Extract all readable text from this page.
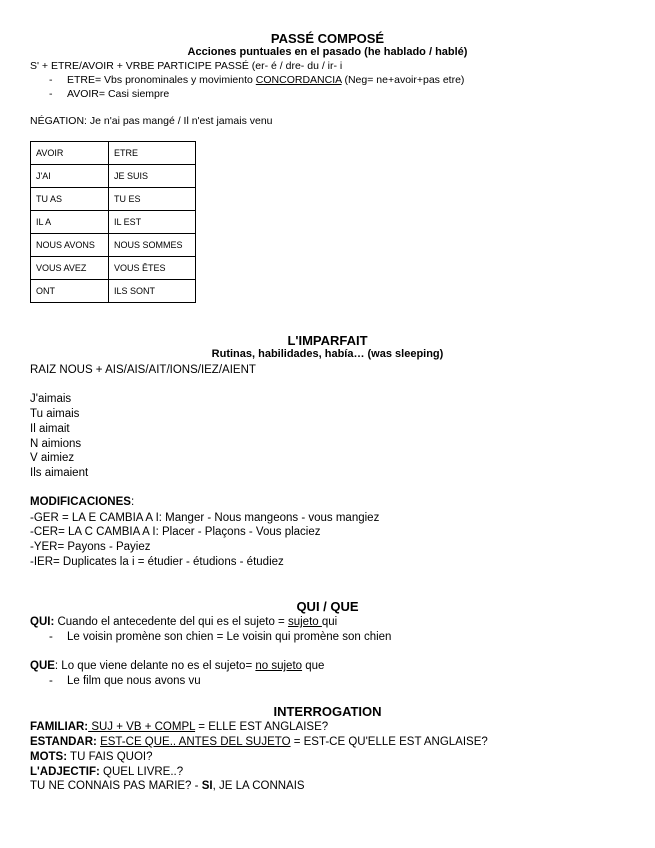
PASSÉ COMPOSÉ
Acciones puntuales en el pasado (he hablado / hablé)
S' + ETRE/AVOIR + VRBE PARTICIPE PASSÉ (er- é / dre- du / ir- i
- ETRE= Vbs pronominales y movimiento CONCORDANCIA (Neg= ne+avoir+pas etre)
- AVOIR= Casi siempre
NÉGATION: Je n'ai pas mangé / Il n'est jamais venu
AVOIR	ETRE
J'AI	JE SUIS
TU AS	TU ES
IL A	IL EST
NOUS AVONS	NOUS SOMMES
VOUS AVEZ	VOUS ÊTES
ONT	ILS SONT
L'IMPARFAIT
Rutinas, habilidades, había… (was sleeping)
RAIZ NOUS + AIS/AIS/AIT/IONS/IEZ/AIENT
J'aimais
Tu aimais
Il aimait
N aimions
V aimiez
Ils aimaient
MODIFICACIONES:
-GER = LA E CAMBIA A I: Manger - Nous mangeons - vous mangiez
-CER= LA C CAMBIA A I: Placer - Plaçons - Vous placiez
-YER= Payons - Payiez
-IER= Duplicates la i = étudier - étudions - étudiez
QUI / QUE
QUI: Cuando el antecedente del qui es el sujeto = sujeto qui
- Le voisin promène son chien = Le voisin qui promène son chien
QUE: Lo que viene delante no es el sujeto= no sujeto que
- Le film que nous avons vu
INTERROGATION
FAMILIAR: SUJ + VB + COMPL = ELLE EST ANGLAISE?
ESTANDAR: EST-CE QUE.. ANTES DEL SUJETO = EST-CE QU'ELLE EST ANGLAISE?
MOTS: TU FAIS QUOI?
L'ADJECTIF: QUEL LIVRE..?
TU NE CONNAIS PAS MARIE? - SI, JE LA CONNAIS
